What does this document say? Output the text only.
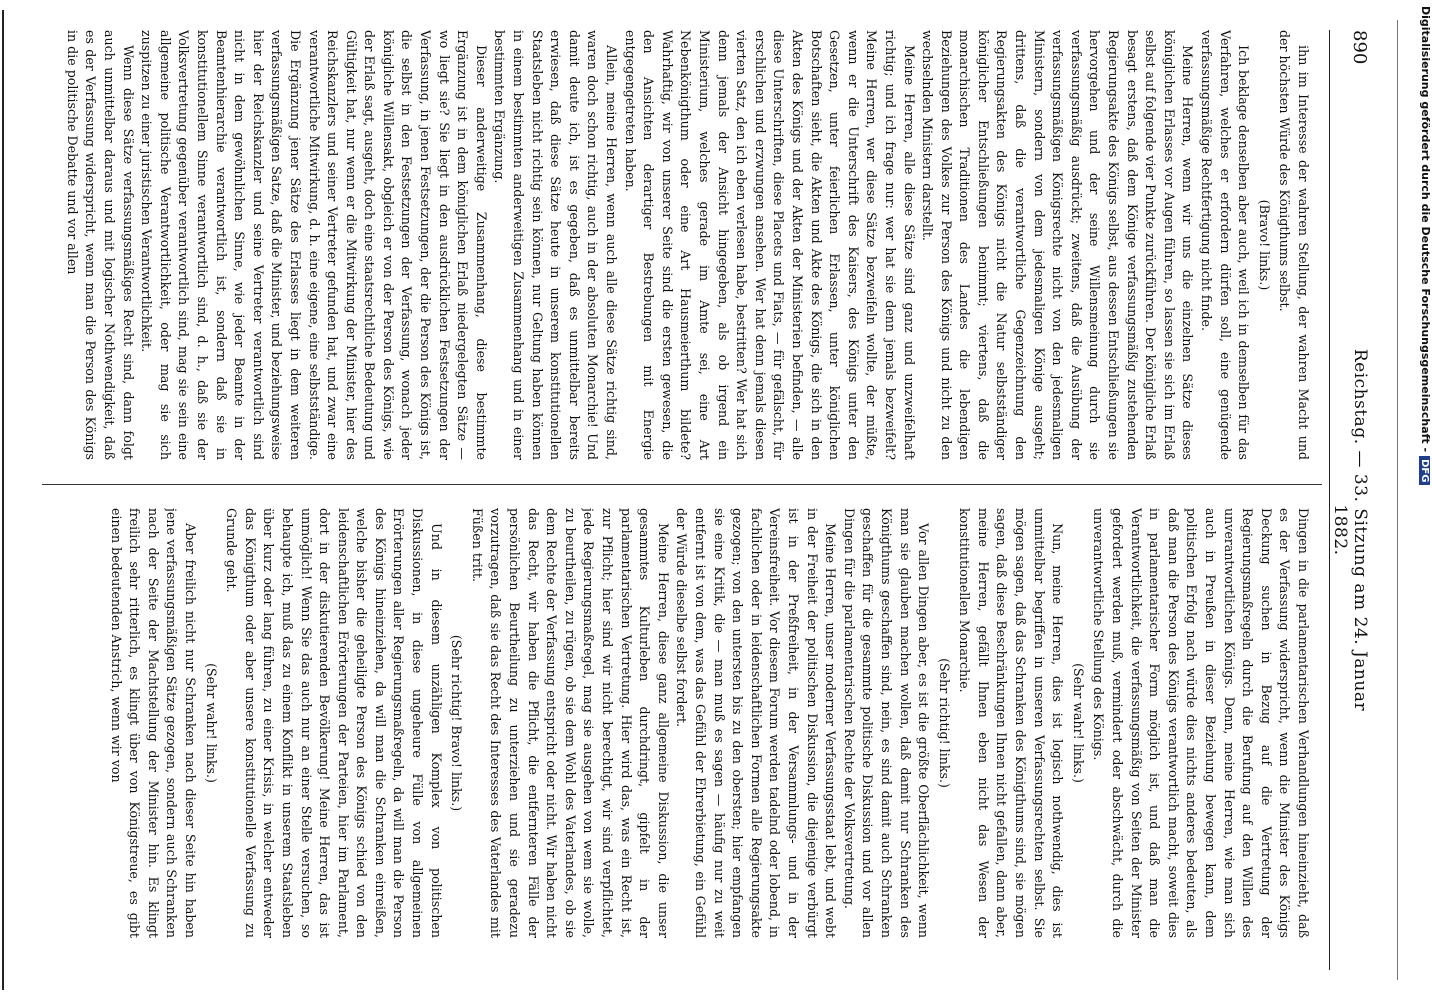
890
Reichstag. — 33. Sitzung am 24. Januar 1882.

ihn im Interesse der wahren Stellung, der wahren Macht und der höchsten Würde des Königthums selbst.

(Bravo! links.)

Ich beklage denselben aber auch, weil ich in demselben für das Verfahren, welches er erfordern dürfen soll, eine genügende verfassungsmäßige Rechtfertigung nicht finde.

Meine Herren, wenn wir uns die einzelnen Sätze dieses königlichen Erlasses vor Augen führen, so lassen sie sich im Erlaß selbst auf folgende vier Punkte zurückführen. Der königliche Erlaß besagt erstens, daß dem Könige verfassungsmäßig zustehenden Regierungsakte des Königs selbst, aus dessen Entschließungen sie hervorgehen und der seine Willensmeinung durch sie verfassungsmäßig ausdrückt; zweitens, daß die Ausübung der verfassungsmäßigen Königsrechte nicht von den jedesmaligen Ministern, sondern von dem jedesmaligen Könige ausgeht; drittens, daß die verantwortliche Gegenzeichnung den Regierungsakten des Königs nicht die Natur selbstständiger königlicher Entschließungen benimmt; viertens, daß die monarchischen Traditionen des Landes die lebendigen Beziehungen des Volkes zur Person des Königs und nicht zu den wechselnden Ministern darstellt.

Meine Herren, alle diese Sätze sind ganz und unzweifelhaft richtig; und ich frage nur: wer hat sie denn jemals bezweifelt? Meine Herren, wer diese Sätze bezweifeln wollte, der müßte, wenn er die Unterschrift des Kaisers, des Königs unter den Gesetzen, unter feierlichen Erlassen, unter königlichen Botschaften sieht, die Akten und Akte des Königs, die sich in den Akten des Königs und der Akten der Ministerien befinden, — alle diese Unterschriften, diese Placets und Fiats, — für gefälscht, für erschlichen und erzwungen ansehen. Wer hat denn jemals diesen vierten Satz, den ich eben verlesen habe, bestritten? Wer hat sich denn jemals der Ansicht hingegeben, als ob irgend ein Ministerium, welches gerade im Amte sei, eine Art Nebenkönigthum oder eine Art Hausmeierthum bildete? Wahrhaftig, wir von unserer Seite sind die ersten gewesen, die den Ansichten derartiger Bestrebungen mit Energie entgegengetreten haben.

Allein, meine Herren, wenn auch alle diese Sätze richtig sind, waren doch schon richtig, auch in der absoluten Monarchie! Und damit deute ich, ist es gegeben, daß es unmittelbar bereits erwiesen, daß diese Sätze heute in unserem konstitutionellen Staatsleben nicht richtig sein können, nur Geltung haben können in einem bestimmten anderweitigen Zusammenhang und in einer bestimmten Ergänzung.

Dieser anderweitige Zusammenhang, diese bestimmte Ergänzung ist in dem königlichen Erlaß niedergelegten Sätze — wo liegt sie? Sie liegt in den ausdrücklichen Festsetzungen der Verfassung, in jenen Festsetzungen, der die Person des Königs ist, die selbst in den Festsetzungen der Verfassung, wonach jeder königliche Willensakt, obgleich er von der Person des Königs, wie der Erlaß sagt, ausgeht, doch eine staatsrechtliche Bedeutung und Gültigkeit hat, nur wenn er die Mitwirkung der Minister, hier des Reichskanzlers und seiner Vertreter gefunden hat, und zwar eine verantwortliche Mitwirkung, d. h. eine eigene, eine selbstständige. Die Ergänzung jener Sätze des Erlasses liegt in dem weiteren verfassungsmäßigen Satze, daß die Minister, und beziehungsweise hier der Reichskanzler und seine Vertreter verantwortlich sind nicht in dem gewöhnlichen Sinne, wie jeder Beamte in der Beamtenhierarchie verantwortlich ist, sondern daß sie in konstitutionellem Sinne verantwortlich sind, d. h., daß sie der Volksvertretung gegenüber verantwortlich sind, mag sie sein eine allgemeine politische Verantwortlichkeit, oder mag sie sich zuspitzen zu einer juristischen Verantwortlichkeit.

Wenn diese Sätze verfassungsmäßiges Recht sind, dann folgt auch unmittelbar daraus und mit logischer Nothwendigkeit, daß es der Verfassung widerspricht, wenn man die Person des Königs in die politische Debatte und vor allen

Dingen in die parlamentarischen Verhandlungen hineinzieht, daß es der Verfassung widerspricht, wenn die Minister des Königs Deckung suchen in Bezug auf die Vertretung der Regierungsmaßregeln durch die Berufung auf den Willen des unverantwortlichen Königs. Denn, meine Herren, wie man sich auch in Preußen in dieser Beziehung bewegen kann, dem politischen Erfolg nach würde dies nichts anderes bedeuten, als daß man die Person des Königs verantwortlich macht, soweit dies in parlamentarischer Form möglich ist, und daß man die Verantwortlichkeit, die verfassungsmäßig von Seiten der Minister gefordert werden muß, vermindert oder abschwächt, durch die unverantwortliche Stellung des Königs.

(Sehr wahr! links.)

Nun, meine Herren, dies ist logisch nothwendig, dies ist unmittelbar begriffen in unseren Verfassungsrechten selbst. Sie mögen sagen, daß das Schranken des Königthums sind, sie mögen sagen, daß diese Beschränkungen Ihnen nicht gefallen, dann aber, meine Herren, gefällt Ihnen eben nicht das Wesen der konstitutionellen Monarchie.

(Sehr richtig! links.)

Vor allen Dingen aber, es ist die größte Oberflächlichkeit, wenn man sie glauben machen wollen, daß damit nur Schranken des Königthums geschaffen sind, nein, es sind damit auch Schranken geschaffen für die gesammte politische Diskussion und vor allen Dingen für die parlamentarischen Rechte der Volksvertretung.

Meine Herren, unser moderner Verfassungsstaat lebt, und webt in der Freiheit der politischen Diskussion, die diejenige verbürgt ist in der Preßfreiheit, in der Versammlungs- und in der Vereinsfreiheit. Vor diesem Forum werden tadelnd oder lobend, in fachlichen oder in leidenschaftlichen Formen alle Regierungsakte gezogen; von den untersten bis zu den obersten; hier empfangen sie eine Kritik, die — man muß es sagen — häufig nur zu weit entfernt ist von dem, was das Gefühl der Ehrerbietung, ein Gefühl der Würde dieselbe selbst fordert.

Meine Herren, diese ganz allgemeine Diskussion, die unser gesammtes Kulturleben durchdringt, gipfelt in der parlamentarischen Vertretung. Hier wird das, was ein Recht ist, zur Pflicht; hier sind wir nicht berechtigt, wir sind verpflichtet, jede Regierungsmaßregel, mag sie ausgehen von wem sie wolle, zu beurtheilen, zu rügen, ob sie dem Wohl des Vaterlandes, ob sie dem Rechte der Verfassung entspricht oder nicht. Wir haben nicht das Recht, wir haben die Pflicht, die entfernteren Fälle der persönlichen Beurtheilung zu unterziehen und sie geradezu vorzutragen, daß sie das Recht des Interesses des Vaterlandes mit Füßen tritt.

(Sehr richtig! Bravo! links.)

Und in diesem unzähligen Komplex von politischen Diskussionen, in diese ungeheure Fülle von allgemeinen Erörterungen aller Regierungsmaßregeln, da will man die Person des Königs hineinziehen, da will man die Schranken einreißen, welche bisher die geheiligte Person des Königs schied von den leidenschaftlichen Erörterungen der Parteien, hier im Parlament, dort in der diskutierenden Bevölkerung! Meine Herren, das ist unmöglich! Wenn Sie das auch nur an einer Stelle versuchen, so behaupte ich, muß das zu einem Konflikt in unserem Staatsleben über kurz oder lang führen, zu einer Krisis, in welcher entweder das Königthum oder aber unsere konstitutionelle Verfassung zu Grunde geht.

(Sehr wahr! links.)

Aber freilich nicht nur Schranken nach dieser Seite hin haben jene verfassungsmäßigen Sätze gezogen, sondern auch Schranken nach der Seite der Machtstellung der Minister hin. Es klingt freilich sehr ritterlich, es klingt über von Königstreue, es gibt einen bedeutenden Anstrich, wenn wir von

Digitalisierung gefördert durch die Deutsche Forschungsgemeinschaft -DFG
